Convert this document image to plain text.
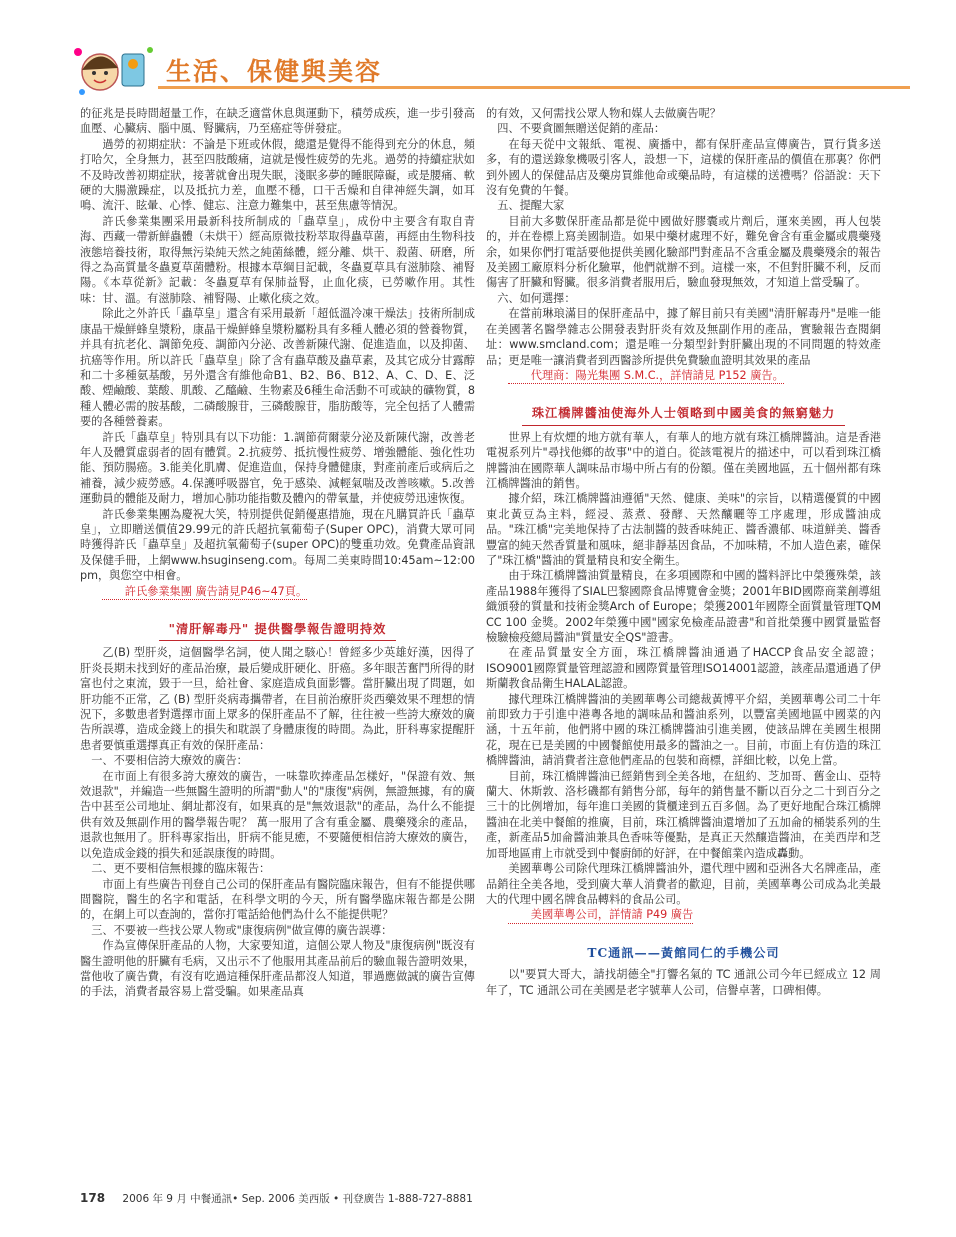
生活、保健與美容

的征兆是長時間超量工作，在缺乏適當休息與運動下，積勞成疾，進一步引發高血壓、心臟病、腦中風、腎臟病，乃至癌症等併發症。

過勞的初期症狀：不論是下班或休假，總還是覺得不能得到充分的休息，頻打哈欠，全身無力，甚至四肢酸痛，這就是慢性疲勞的先兆。過勞的持續症狀如不及時改善初期症狀，接著就會出現失眠，淺眠多夢的睡眠障礙，或是腰痛、軟硬的大腸激躁症，以及抵抗力差，血壓不穩，口干舌燥和自律神經失調，如耳鳴、流汗、眩暈、心悸、健忘、注意力難集中，甚至焦慮等情況。

許氏參業集團采用最新科技所制成的「蟲草皇」，成份中主要含有取自青海、西藏一帶新鮮蟲體（未烘干）經高原微技粉萃取得蟲草菌，再經由生物科技液態培養技術，取得無污染純天然之純菌絲體，經分離、烘干、殺菌、研磨，所得之為高質量冬蟲夏草菌體粉。根據本草綱目記載，冬蟲夏草具有滋肺陰、補腎陽。《本草從新》記載：冬蟲夏草有保肺益腎，止血化痰，已勞嗽作用。其性味：甘、溫。有滋肺陰、補腎陽、止嗽化痰之效。

除此之外許氏「蟲草皇」還含有采用最新「超低溫冷凍干燥法」技術所制成康晶干燥鮮蜂皇漿粉，康晶干燥鮮蜂皇漿粉屬粉具有多種人體必須的營養物質，并具有抗老化、調節免疫、調節內分泌、改善新陳代謝、促進造血，以及抑菌、抗癌等作用。所以許氏「蟲草皇」除了含有蟲草酸及蟲草素，及其它成分甘露醇和二十多種氨基酸，另外還含有維他命B1、B2、B6、B12、A、C、D、E、泛酸、煙鹼酸、葉酸、肌酸、乙醯鹼、生物素及6種生命活動不可或缺的礦物質，8種人體必需的胺基酸，二磷酸腺苷，三磷酸腺苷，脂肪酸等，完全包括了人體需要的各種營養素。

許氏「蟲草皇」特別具有以下功能：1.調節荷爾蒙分泌及新陳代謝，改善老年人及體質虛弱者的固有體質。2.抗疲勞、抵抗慢性疲勞、增強體能、強化性功能、預防腸癌。3.能美化肌膚、促進造血，保持身體健康，對產前產后或病后之補養，減少疲勞感。4.保護呼吸器官，免于感染、減輕氣喘及改善咳嗽。5.改善運動員的體能及耐力，增加心肺功能指數及體內的帶氧量，并使疲勞迅速恢復。

許氏參業集團為慶祝大笑，特別提供促銷優惠措施，現在凡購買許氏「蟲草皇」，立即贈送價值29.99元的許氏超抗氧葡萄子(Super OPC)，消費大眾可同時獲得許氏「蟲草皇」及超抗氧葡萄子(super OPC)的雙重功效。免費產品資訊及保健手冊，上網www.hsuginseng.com。每周二美東時間10:45am~12:00 pm，與您空中相會。

許氏參業集團 廣告請見P46~47頁。

"清肝解毒丹" 提供醫學報告證明持效

乙(B) 型肝炎，這個醫學名詞，使人聞之駭心！曾經多少英雄好漢，因得了肝炎長期未找到好的產品治療，最后變成肝硬化、肝癌。多年眼苦奮鬥所得的財富也付之東流，毀于一旦，給社會、家庭造成負面影響。當肝臟出現了問題，如肝功能不正常，乙 (B) 型肝炎病毒攜帶者，在目前治療肝炎西藥效果不理想的情況下，多數患者對選擇市面上眾多的保肝產品不了解，往往被一些誇大療效的廣告所誤導，造成金錢上的損失和耽誤了身體康復的時間。為此，肝科專家提醒肝患者要慎重選擇真正有效的保肝產品：

一、不要相信誇大療效的廣告：

在市面上有很多誇大療效的廣告，一味靠吹捧產品怎樣好，"保證有效、無效退款"，并編造一些無醫生證明的所謂"動人"的"康復"病例，無證無據，有的廣告中甚至公司地址、網址都沒有，如果真的是"無效退款"的產品，為什么不能提供有效及無副作用的醫學報告呢？ 萬一服用了含有重金屬、農藥殘余的產品，退款也無用了。肝科專家指出，肝病不能見癒，不要隨便相信誇大療效的廣告，以免造成金錢的損失和延誤康復的時間。

二、更不要相信無根據的臨床報告：

市面上有些廣告刊登自己公司的保肝產品有醫院臨床報告，但有不能提供哪間醫院，醫生的名字和電話，在科學文明的今天，所有醫學臨床報告都是公開的，在網上可以查詢的，當你打電話給他們為什么不能提供呢？

三、不要被一些找公眾人物或"康復病例"做宣傳的廣告誤導：

作為宣傳保肝產品的人物，大家要知道，這個公眾人物及"康復病例"既沒有醫生證明他的肝臟有毛病，又出示不了他服用其產品前后的驗血報告證明效果，當他收了廣告費，有沒有吃過這種保肝產品都沒人知道，罪過應做誠的廣告宣傳的手法，消費者最容易上當受騙。如果產品真

的有效，又何需找公眾人物和媒人去做廣告呢？

四、不要貪圖無贈送促銷的產品：

在每天從中文報紙、電視、廣播中，都有保肝產品宣傳廣告，買行貨多送多，有的還送錄象機吸引客人，設想一下，這樣的保肝產品的價值在那裏？你們到外國人的保健品店及藥房買維他命或藥品時，有這樣的送禮嗎？俗語說：天下沒有免費的午餐。

五、提醒大家

目前大多數保肝產品都是從中國做好膠囊或片劑后，運來美國，再人包裝的，并在卷標上寫美國制造。如果中藥材處理不好，難免會含有重金屬或農藥殘余，如果你們打電話要他提供美國化驗部門對產品不含重金屬及農藥殘余的報告及美國工廠原料分析化驗單，他們就辦不到。這樣一來，不但對肝臟不利，反而傷害了肝臟和腎臟。很多消費者服用后，驗血發現無效，才知道上當受騙了。

六、如何選擇：

在當前琳琅滿目的保肝產品中，據了解目前只有美國"清肝解毒丹"是唯一能在美國著名醫學雜志公開發表對肝炎有效及無副作用的產品，實驗報告查閱網址：www.smcland.com；還是唯一分類型針對肝臟出現的不同問題的特效產品；更是唯一讓消費者到西醫診所提供免費驗血證明其效果的產品

代理商：陽光集團 S.M.C.，詳情請見 P152 廣告。

珠江橋牌醬油使海外人士領略到中國美食的無窮魅力

世界上有炊煙的地方就有華人，有華人的地方就有珠江橋牌醬油。這是香港電視系列片"尋找他鄉的故事"中的道白。從該電視片的描述中，可以看到珠江橋牌醬油在國際華人調味品市場中所占有的份額。僅在美國地區，五十個州都有珠江橋牌醬油的銷售。

據介紹，珠江橋牌醬油遵循"天然、健康、美味"的宗旨，以精選優質的中國東北黃豆為主料，經浸、蒸煮、發酵、天然釀曬等工序處理，形成醬油成品。"珠江橋"完美地保持了古法制醬的鼓香味純正、醬香濃郁、味道鮮美、醬香豐富的純天然香質量和風味，絕非靜基因食品，不加味精，不加人造色素，確保了"珠江橋"醬油的質量精良和安全衛生。

由于珠江橋牌醬油質量精良，在多項國際和中國的醬料評比中榮獲殊榮，該產品1988年獲得了SIAL巴黎國際食品博覽會金獎；2001年BID國際商業創導組織頒發的質量和技術金獎Arch of Europe；榮獲2001年國際全面質量管理TQM CC 100 金獎。2002年榮獲中國"國家免檢產品證書"和首批榮獲中國質量監督檢驗檢疫總局醬油"質量安全QS"證書。

在產品質量安全方面，珠江橋牌醬油通過了HACCP食品安全認證；ISO9001國際質量管理認證和國際質量管理ISO14001認證，該產品還通過了伊斯蘭教食品衛生HALAL認證。

據代理珠江橋牌醬油的美國華粵公司總裁黃博平介紹，美國華粵公司二十年前即致力于引進中港粵各地的調味品和醬油系列，以豐富美國地區中國菜的內涵，十五年前，他們將中國的珠江橋牌醬油引進美國，使該品牌在美國生根開花，現在已是美國的中國餐館使用最多的醬油之一。目前，市面上有仿造的珠江橋牌醬油，請消費者注意他們產品的包裝和商標，詳細比較，以免上當。

目前，珠江橋牌醬油已經銷售到全美各地，在紐約、芝加哥、舊金山、亞特蘭大、休斯敦、洛杉磯都有銷售分部，每年的銷售量不斷以百分之二十到百分之三十的比例增加，每年進口美國的貨櫃達到五百多個。為了更好地配合珠江橋牌醬油在北美中餐館的推廣，目前，珠江橋牌醬油還增加了五加侖的桶裝系列的生產，新產品5加侖醬油兼具色香味等優點，是真正天然釀造醬油，在美西岸和芝加哥地區甫上市就受到中餐廚師的好評，在中餐館業內造成轟動。

美國華粵公司除代理珠江橋牌醬油外，還代理中國和亞洲各大名牌產品，產品銷往全美各地，受到廣大華人消費者的歡迎，目前，美國華粵公司成為北美最大的代理中國名牌食品轉料的食品公司。

美國華粵公司，詳情請 P49 廣告

TC通訊——黃館同仁的手機公司

以"要買大哥大，請找胡德全"打響名氣的 TC 通訊公司今年已經成立 12 周年了，TC 通訊公司在美國是老字號華人公司，信譽卓著，口碑相傳。

178 2006 年 9 月 中餐通訊• Sep. 2006 美西版 • 刊登廣告 1-888-727-8881
